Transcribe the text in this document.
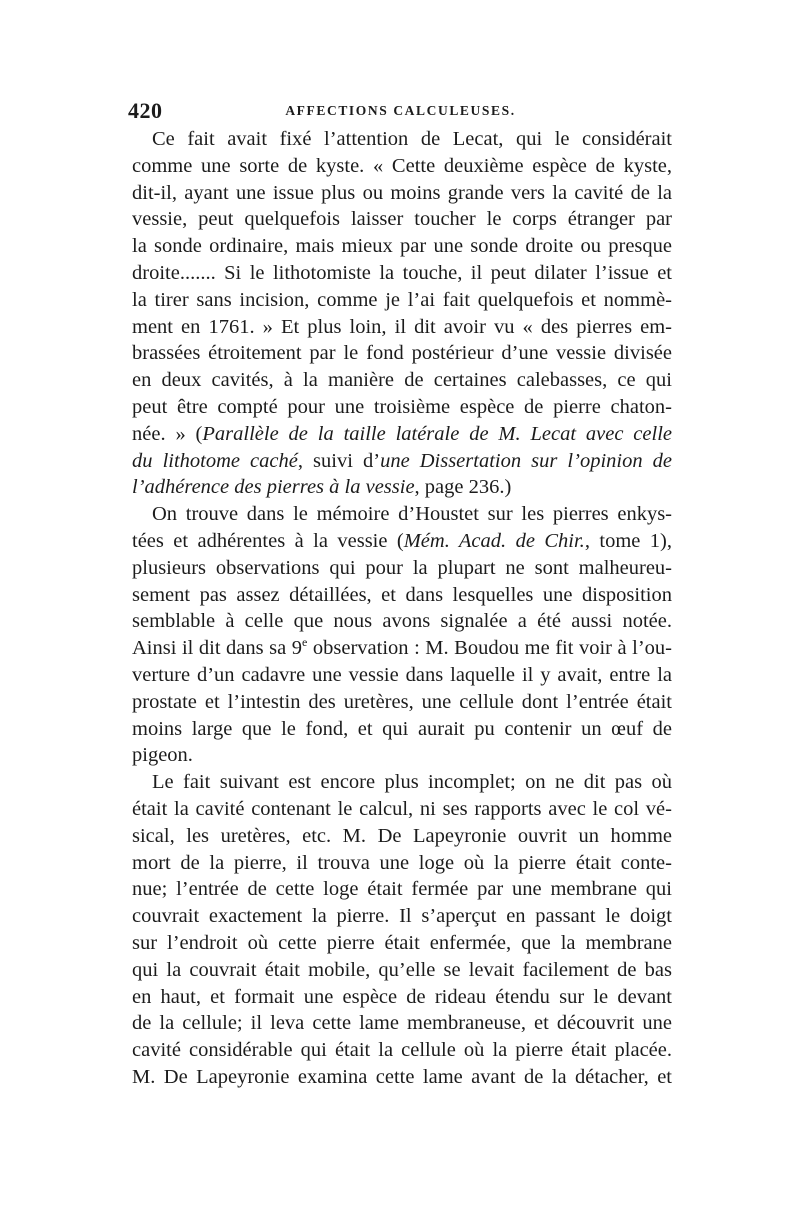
420	AFFECTIONS CALCULEUSES.
Ce fait avait fixé l’attention de Lecat, qui le considérait
comme une sorte de kyste. « Cette deuxième espèce de kyste,
dit-il, ayant une issue plus ou moins grande vers la cavité de la
vessie, peut quelquefois laisser toucher le corps étranger par
la sonde ordinaire, mais mieux par une sonde droite ou presque
droite....... Si le lithotomiste la touche, il peut dilater l’issue et
la tirer sans incision, comme je l’ai fait quelquefois et nommè-
ment en 1761. » Et plus loin, il dit avoir vu « des pierres em-
brassées étroitement par le fond postérieur d’une vessie divisée
en deux cavités, à la manière de certaines calebasses, ce qui
peut être compté pour une troisième espèce de pierre chaton-
née. » (Parallèle de la taille latérale de M. Lecat avec celle
du lithotome caché, suivi d’une Dissertation sur l’opinion de
l’adhérence des pierres à la vessie, page 236.)
On trouve dans le mémoire d’Houstet sur les pierres enkys-
tées et adhérentes à la vessie (Mém. Acad. de Chir., tome 1),
plusieurs observations qui pour la plupart ne sont malheureu-
sement pas assez détaillées, et dans lesquelles une disposition
semblable à celle que nous avons signalée a été aussi notée.
Ainsi il dit dans sa 9e observation : M. Boudou me fit voir à l’ou-
verture d’un cadavre une vessie dans laquelle il y avait, entre la
prostate et l’intestin des uretères, une cellule dont l’entrée était
moins large que le fond, et qui aurait pu contenir un œuf de
pigeon.
Le fait suivant est encore plus incomplet; on ne dit pas où
était la cavité contenant le calcul, ni ses rapports avec le col vé-
sical, les uretères, etc. M. De Lapeyronie ouvrit un homme
mort de la pierre, il trouva une loge où la pierre était conte-
nue; l’entrée de cette loge était fermée par une membrane qui
couvrait exactement la pierre. Il s’aperçut en passant le doigt
sur l’endroit où cette pierre était enfermée, que la membrane
qui la couvrait était mobile, qu’elle se levait facilement de bas
en haut, et formait une espèce de rideau étendu sur le devant
de la cellule; il leva cette lame membraneuse, et découvrit une
cavité considérable qui était la cellule où la pierre était placée.
M. De Lapeyronie examina cette lame avant de la détacher, et
